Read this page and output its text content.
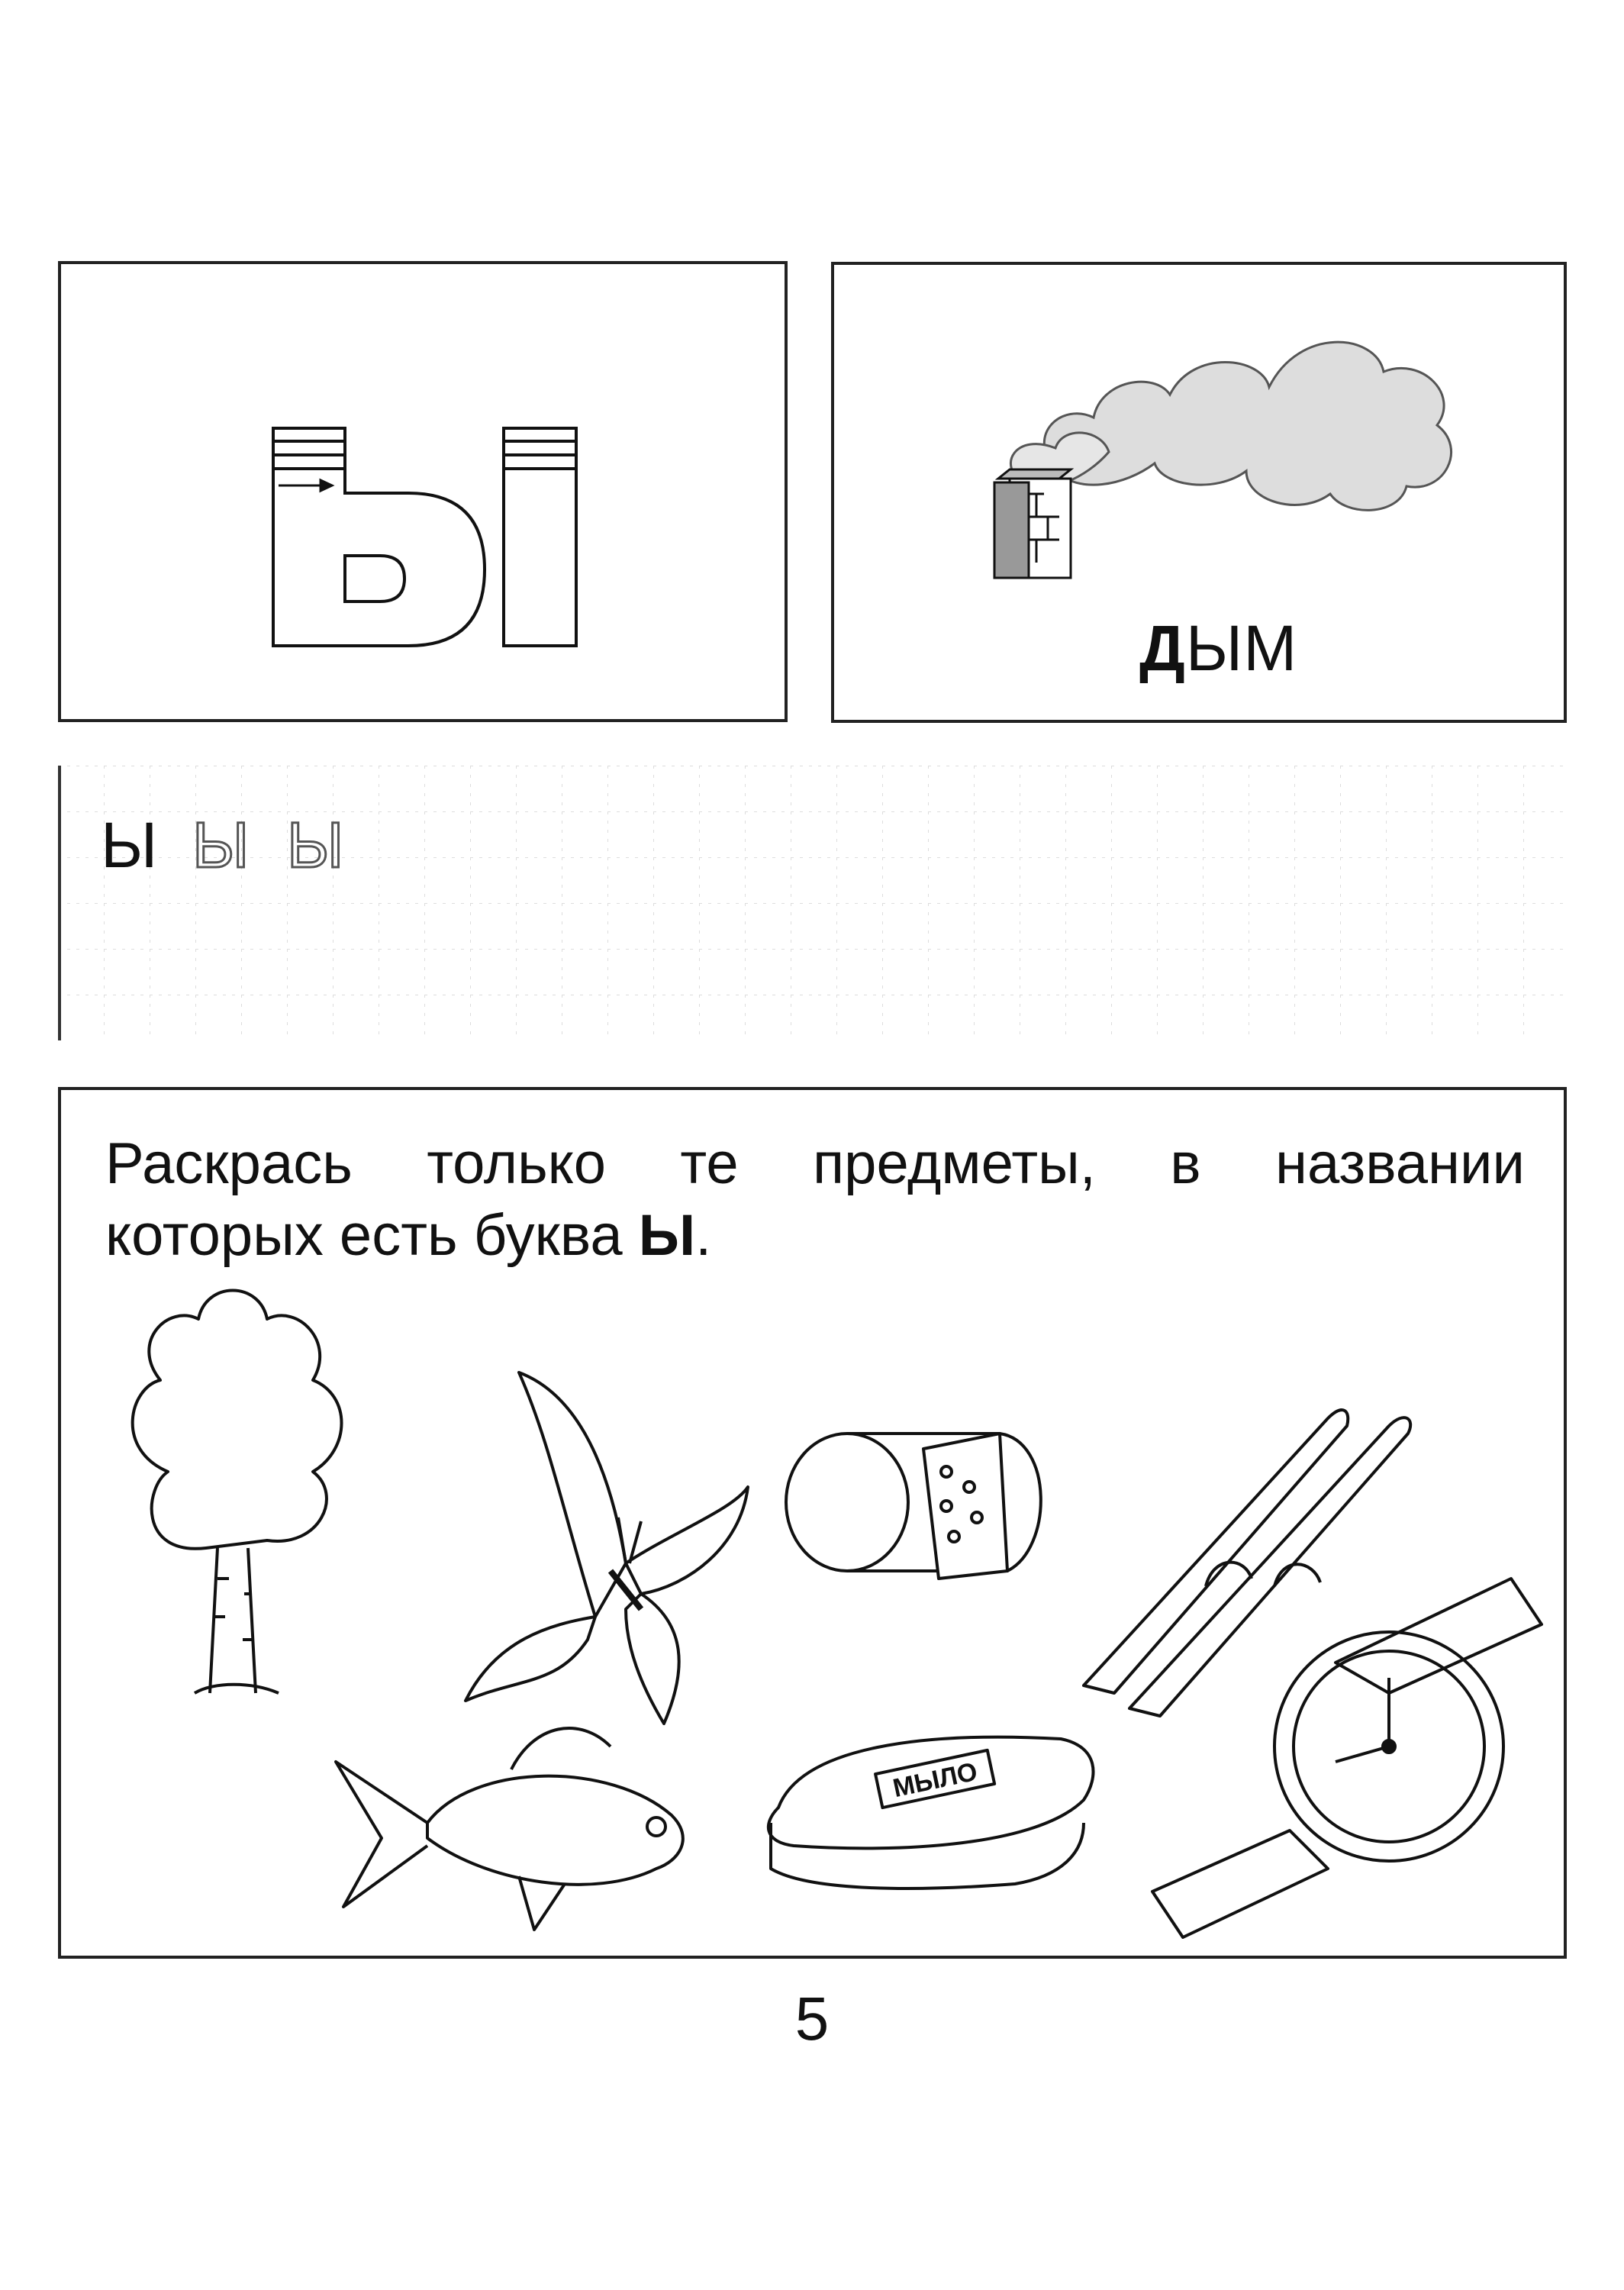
ДЫМ
Ы Ы Ы
Раскрась только те предметы, в названии
которых есть буква Ы.
МЫЛО
5
